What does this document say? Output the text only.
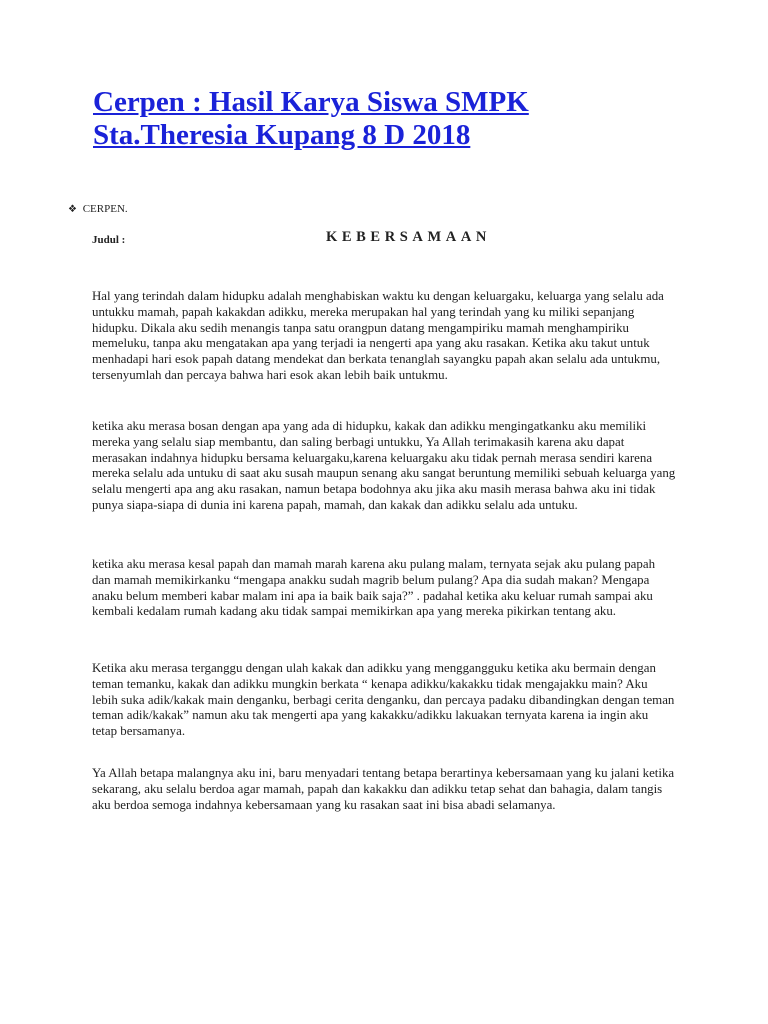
Cerpen : Hasil Karya Siswa SMPK Sta.Theresia Kupang 8 D 2018
❖ CERPEN.
Judul :	KEBERSAMAAN

Hal yang terindah dalam hidupku adalah menghabiskan waktu ku dengan keluargaku, keluarga yang selalu ada untukku mamah, papah kakakdan adikku, mereka merupakan hal yang terindah yang ku miliki sepanjang hidupku. Dikala aku sedih menangis tanpa satu orangpun datang mengampiriku mamah menghampiriku memeluku, tanpa aku mengatakan apa yang terjadi ia nengerti apa yang aku rasakan. Ketika aku takut untuk menhadapi hari esok papah datang mendekat dan berkata tenanglah sayangku papah akan selalu ada untukmu, tersenyumlah dan percaya bahwa hari esok akan lebih baik untukmu.

ketika aku merasa bosan dengan apa yang ada di hidupku, kakak dan adikku mengingatkanku aku memiliki mereka yang selalu siap membantu, dan saling berbagi untukku, Ya Allah terimakasih karena aku dapat merasakan indahnya hidupku bersama keluargaku,karena keluargaku aku tidak pernah merasa sendiri karena mereka selalu ada untuku di saat aku susah maupun senang aku sangat beruntung memiliki sebuah keluarga yang selalu mengerti apa ang aku rasakan, namun betapa bodohnya aku jika aku masih merasa bahwa aku ini tidak punya siapa-siapa di dunia ini karena papah, mamah, dan kakak dan adikku selalu ada untuku.

ketika aku merasa kesal papah dan mamah marah karena aku pulang malam, ternyata sejak aku pulang papah dan mamah memikirkanku “mengapa anakku sudah magrib belum pulang? Apa dia sudah makan? Mengapa anaku belum memberi kabar malam ini apa ia baik baik saja?” . padahal ketika aku keluar rumah sampai aku kembali kedalam rumah kadang aku tidak sampai memikirkan apa yang mereka pikirkan tentang aku.

Ketika aku merasa terganggu dengan ulah kakak dan adikku yang menggangguku ketika aku bermain dengan teman temanku, kakak dan adikku mungkin berkata “ kenapa adikku/kakakku tidak mengajakku main? Aku lebih suka adik/kakak main denganku, berbagi cerita denganku, dan percaya padaku dibandingkan dengan teman teman adik/kakak” namun aku tak mengerti apa yang kakakku/adikku lakuakan ternyata karena ia ingin aku tetap bersamanya.

Ya Allah betapa malangnya aku ini, baru menyadari tentang betapa berartinya kebersamaan yang ku jalani ketika sekarang, aku selalu berdoa agar mamah, papah dan kakakku dan adikku tetap sehat dan bahagia, dalam tangis aku berdoa semoga indahnya kebersamaan yang ku rasakan saat ini bisa abadi selamanya.
